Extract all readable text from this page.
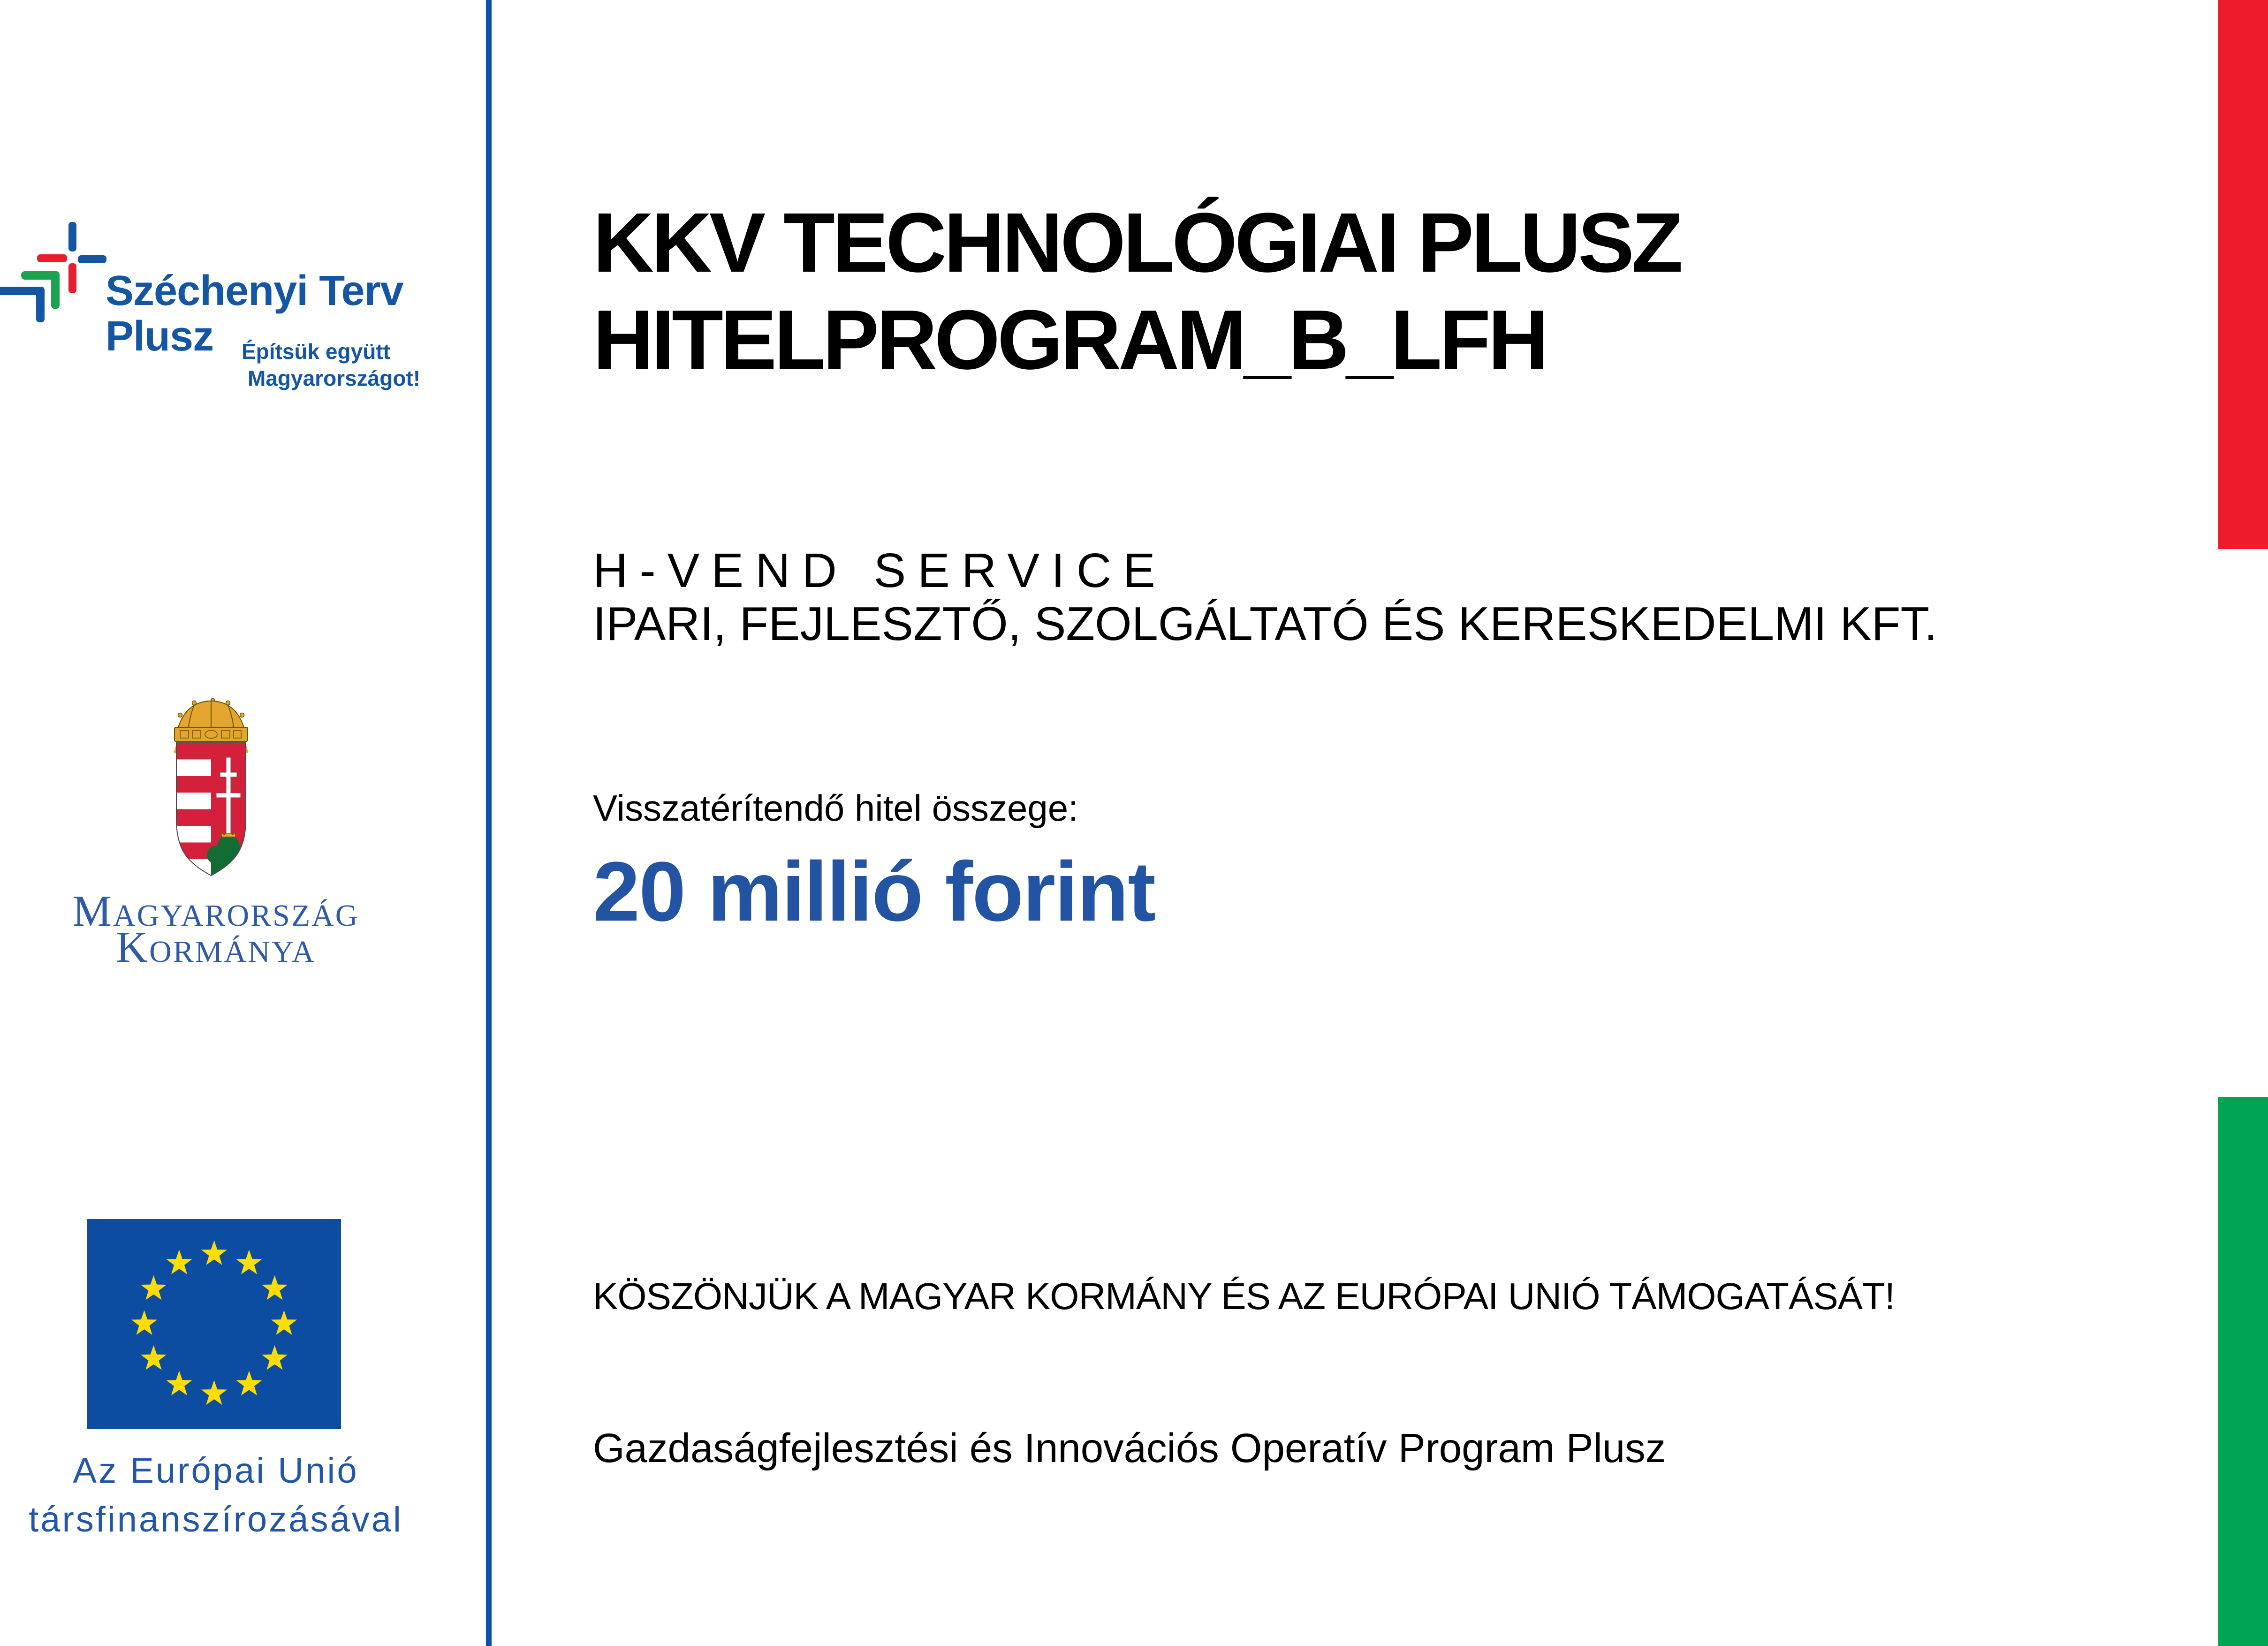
Széchenyi Terv
Plusz	Építsük együtt
Magyarországot!
Magyarország
Kormánya
Az Európai Unió
társfinanszírozásával
KKV TECHNOLÓGIAI PLUSZ
HITELPROGRAM_B_LFH
H-VEND SERVICE
IPARI, FEJLESZTŐ, SZOLGÁLTATÓ ÉS KERESKEDELMI KFT.
Visszatérítendő hitel összege:
20 millió forint
KÖSZÖNJÜK A MAGYAR KORMÁNY ÉS AZ EURÓPAI UNIÓ TÁMOGATÁSÁT!
Gazdaságfejlesztési és Innovációs Operatív Program Plusz
